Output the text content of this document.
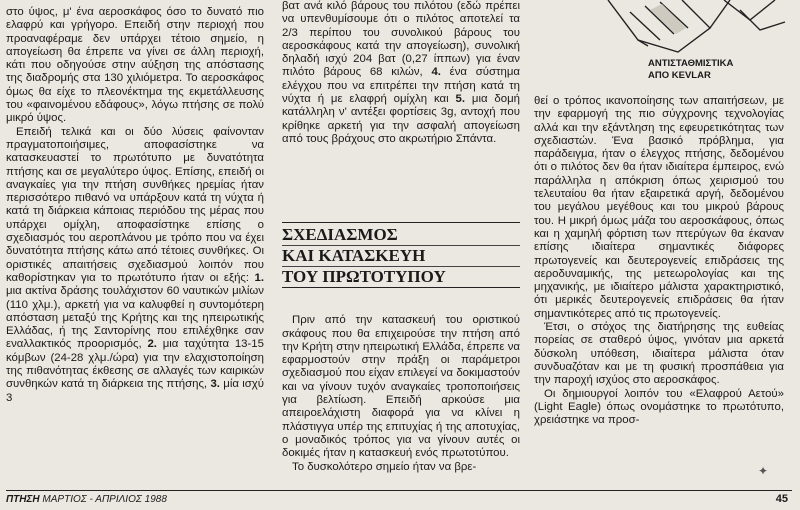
ΑΝΤΙΣΤΑΘΜΙΣΤΙΚΑ
ΑΠΟ KEVLAR

στο ύψος, μ' ένα αεροσκάφος όσο το δυνατό πιο ελαφρύ και γρήγορο. Επειδή στην περιοχή που προαναφέραμε δεν υπάρχει τέτοιο σημείο, η απογείωση θα έπρεπε να γίνει σε άλλη περιοχή, κάτι που οδηγούσε στην αύξηση της απόστασης της διαδρομής στα 130 χιλιόμετρα. Το αεροσκάφος όμως θα είχε το πλεονέκτημα της εκμετάλλευσης του «φαινομένου εδάφους», λόγω πτήσης σε πολύ μικρό ύψος.

Επειδή τελικά και οι δύο λύσεις φαίνονταν πραγματοποιήσιμες, αποφασίστηκε να κατασκευαστεί το πρωτότυπο με δυνατότητα πτήσης και σε μεγαλύτερο ύψος. Επίσης, επειδή οι αναγκαίες για την πτήση συνθήκες ηρεμίας ήταν περισσότερο πιθανό να υπάρξουν κατά τη νύχτα ή κατά τη διάρκεια κάποιας περιόδου της μέρας που υπάρχει ομίχλη, αποφασίστηκε επίσης ο σχεδιασμός του αεροπλάνου με τρόπο που να έχει δυνατότητα πτήσης κάτω από τέτοιες συνθήκες. Οι οριστικές απαιτήσεις σχεδιασμού λοιπόν που καθορίστηκαν για το πρωτότυπο ήταν οι εξής: 1. μια ακτίνα δράσης τουλάχιστον 60 ναυτικών μιλίων (110 χλμ.), αρκετή για να καλυφθεί η συντομότερη απόσταση μεταξύ της Κρήτης και της ηπειρωτικής Ελλάδας, ή της Σαντορίνης που επιλέχθηκε σαν εναλλακτικός προορισμός, 2. μια ταχύτητα 13-15 κόμβων (24-28 χλμ./ώρα) για την ελαχιστοποίηση της πιθανότητας έκθεσης σε αλλαγές των καιρικών συνθηκών κατά τη διάρκεια της πτήσης, 3. μία ισχύ 3

βατ ανά κιλό βάρους του πιλότου (εδώ πρέπει να υπενθυμίσουμε ότι ο πιλότος αποτελεί τα 2/3 περίπου του συνολικού βάρους του αεροσκάφους κατά την απογείωση), συνολική δηλαδή ισχύ 204 βατ (0,27 ίππων) για έναν πιλότο βάρους 68 κιλών, 4. ένα σύστημα ελέγχου που να επιτρέπει την πτήση κατά τη νύχτα ή με ελαφρή ομίχλη και 5. μια δομή κατάλληλη ν' αντέξει φορτίσεις 3g, αντοχή που κρίθηκε αρκετή για την ασφαλή απογείωση από τους βράχους στο ακρωτήριο Σπάντα.

Πριν από την κατασκευή του οριστικού σκάφους που θα επιχειρούσε την πτήση από την Κρήτη στην ηπειρωτική Ελλάδα, έπρεπε να εφαρμοστούν στην πράξη οι παράμετροι σχεδιασμού που είχαν επιλεγεί να δοκιμαστούν και να γίνουν τυχόν αναγκαίες τροποποιήσεις για βελτίωση. Επειδή αρκούσε μια απειροελάχιστη διαφορά για να κλίνει η πλάστιγγα υπέρ της επιτυχίας ή της αποτυχίας, ο μοναδικός τρόπος για να γίνουν αυτές οι δοκιμές ήταν η κατασκευή ενός πρωτοτύπου.

Το δυσκολότερο σημείο ήταν να βρε-

ΣΧΕΔΙΑΣΜΟΣ
ΚΑΙ ΚΑΤΑΣΚΕΥΗ
ΤΟΥ ΠΡΩΤΟΤΥΠΟΥ

θεί ο τρόπος ικανοποίησης των απαιτήσεων, με την εφαρμογή της πιο σύγχρονης τεχνολογίας αλλά και την εξάντληση της εφευρετικότητας των σχεδιαστών. Ένα βασικό πρόβλημα, για παράδειγμα, ήταν ο έλεγχος πτήσης, δεδομένου ότι ο πιλότος δεν θα ήταν ιδιαίτερα έμπειρος, ενώ παράλληλα η απόκριση όπως χειρισμού του τελευταίου θα ήταν εξαιρετικά αργή, δεδομένου του μεγάλου μεγέθους και του μικρού βάρους του. Η μικρή όμως μάζα του αεροσκάφους, όπως και η χαμηλή φόρτιση των πτερύγων θα έκαναν επίσης ιδιαίτερα σημαντικές διάφορες πρωτογενείς και δευτερογενείς επιδράσεις της αεροδυναμικής, της μετεωρολογίας και της μηχανικής, με ιδιαίτερο μάλιστα χαρακτηριστικό, ότι μερικές δευτερογενείς επιδράσεις θα ήταν σημαντικότερες από τις πρωτογενείς.

Έτσι, ο στόχος της διατήρησης της ευθείας πορείας σε σταθερό ύψος, γινόταν μια αρκετά δύσκολη υπόθεση, ιδιαίτερα μάλιστα όταν συνδυαζόταν και με τη φυσική προσπάθεια για την παροχή ισχύος στο αεροσκάφος.

Οι δημιουργοί λοιπόν του «Ελαφρού Αετού» (Light Eagle) όπως ονομάστηκε το πρωτότυπο, χρειάστηκε να προσ-

✦
ΠΤΗΣΗ ΜΑΡΤΙΟΣ - ΑΠΡΙΛΙΟΣ 1988	45
